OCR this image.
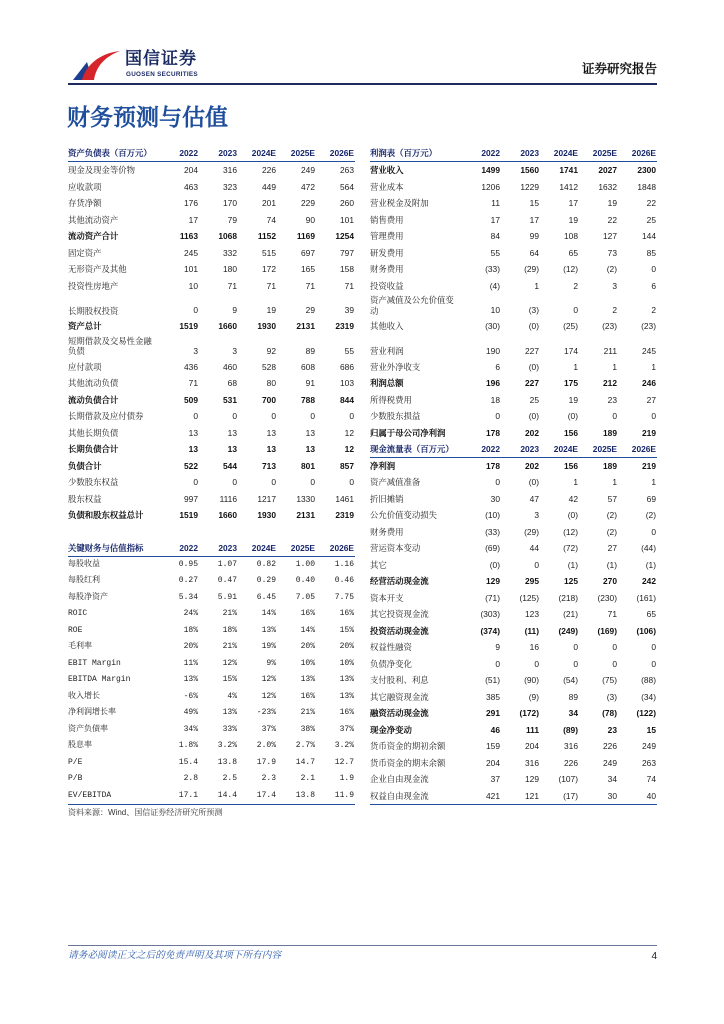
国信证券
GUOSEN SECURITIES	证券研究报告
财务预测与估值
资产负债表（百万元）	2022	2023	2024E	2025E	2026E
现金及现金等价物	204	316	226	249	263
应收款项	463	323	449	472	564
存货净额	176	170	201	229	260
其他流动资产	17	79	74	90	101
流动资产合计	1163	1068	1152	1169	1254
固定资产	245	332	515	697	797
无形资产及其他	101	180	172	165	158
投资性房地产	10	71	71	71	71
长期股权投资	0	9	19	29	39
资产总计	1519	1660	1930	2131	2319
短期借款及交易性金融负债	3	3	92	89	55
应付款项	436	460	528	608	686
其他流动负债	71	68	80	91	103
流动负债合计	509	531	700	788	844
长期借款及应付债券	0	0	0	0	0
其他长期负债	13	13	13	13	12
长期负债合计	13	13	13	13	12
负债合计	522	544	713	801	857
少数股东权益	0	0	0	0	0
股东权益	997	1116	1217	1330	1461
负债和股东权益总计	1519	1660	1930	2131	2319
关键财务与估值指标	2022	2023	2024E	2025E	2026E
每股收益	0.95	1.07	0.82	1.00	1.16
每股红利	0.27	0.47	0.29	0.40	0.46
每股净资产	5.34	5.91	6.45	7.05	7.75
ROIC	24%	21%	14%	16%	16%
ROE	18%	18%	13%	14%	15%
毛利率	20%	21%	19%	20%	20%
EBIT Margin	11%	12%	9%	10%	10%
EBITDA Margin	13%	15%	12%	13%	13%
收入增长	-6%	4%	12%	16%	13%
净利润增长率	49%	13%	-23%	21%	16%
资产负债率	34%	33%	37%	38%	37%
股息率	1.8%	3.2%	2.0%	2.7%	3.2%
P/E	15.4	13.8	17.9	14.7	12.7
P/B	2.8	2.5	2.3	2.1	1.9
EV/EBITDA	17.1	14.4	17.4	13.8	11.9
利润表（百万元）	2022	2023	2024E	2025E	2026E
营业收入	1499	1560	1741	2027	2300
营业成本	1206	1229	1412	1632	1848
营业税金及附加	11	15	17	19	22
销售费用	17	17	19	22	25
管理费用	84	99	108	127	144
研发费用	55	64	65	73	85
财务费用	(33)	(29)	(12)	(2)	0
投资收益	(4)	1	2	3	6
资产减值及公允价值变动	10	(3)	0	2	2
其他收入	(30)	(0)	(25)	(23)	(23)
营业利润	190	227	174	211	245
营业外净收支	6	(0)	1	1	1
利润总额	196	227	175	212	246
所得税费用	18	25	19	23	27
少数股东损益	0	(0)	(0)	0	0
归属于母公司净利润	178	202	156	189	219
现金流量表（百万元）	2022	2023	2024E	2025E	2026E
净利润	178	202	156	189	219
资产减值准备	0	(0)	1	1	1
折旧摊销	30	47	42	57	69
公允价值变动损失	(10)	3	(0)	(2)	(2)
财务费用	(33)	(29)	(12)	(2)	0
营运资本变动	(69)	44	(72)	27	(44)
其它	(0)	0	(1)	(1)	(1)
经营活动现金流	129	295	125	270	242
资本开支	(71)	(125)	(218)	(230)	(161)
其它投资现金流	(303)	123	(21)	71	65
投资活动现金流	(374)	(11)	(249)	(169)	(106)
权益性融资	9	16	0	0	0
负债净变化	0	0	0	0	0
支付股利、利息	(51)	(90)	(54)	(75)	(88)
其它融资现金流	385	(9)	89	(3)	(34)
融资活动现金流	291	(172)	34	(78)	(122)
现金净变动	46	111	(89)	23	15
货币资金的期初余额	159	204	316	226	249
货币资金的期末余额	204	316	226	249	263
企业自由现金流	37	129	(107)	34	74
权益自由现金流	421	121	(17)	30	40
资料来源：Wind、国信证券经济研究所预测
请务必阅读正文之后的免责声明及其项下所有内容	4
